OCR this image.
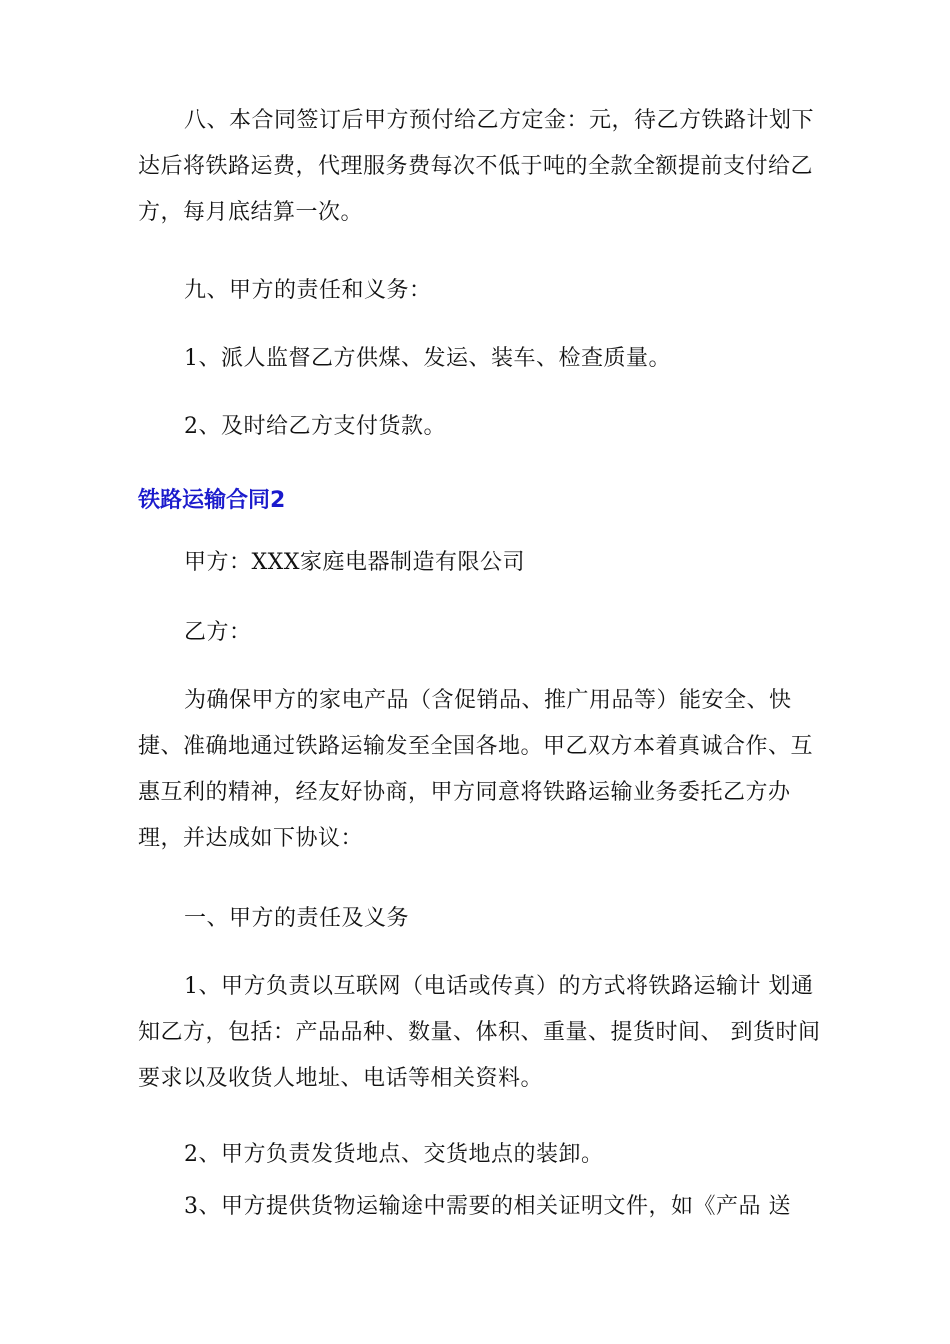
八、本合同签订后甲方预付给乙方定金：元，待乙方铁路计划下达后将铁路运费，代理服务费每次不低于吨的全款全额提前支付给乙方，每月底结算一次。

九、甲方的责任和义务：

1、派人监督乙方供煤、发运、装车、检查质量。

2、及时给乙方支付货款。

铁路运输合同2

甲方：XXX家庭电器制造有限公司

乙方：

为确保甲方的家电产品（含促销品、推广用品等）能安全、快捷、准确地通过铁路运输发至全国各地。甲乙双方本着真诚合作、互惠互利的精神，经友好协商，甲方同意将铁路运输业务委托乙方办理，并达成如下协议：

一、甲方的责任及义务

1、甲方负责以互联网（电话或传真）的方式将铁路运输计 划通知乙方，包括：产品品种、数量、体积、重量、提货时间、 到货时间要求以及收货人地址、电话等相关资料。

2、甲方负责发货地点、交货地点的装卸。

3、甲方提供货物运输途中需要的相关证明文件，如《产品 送
